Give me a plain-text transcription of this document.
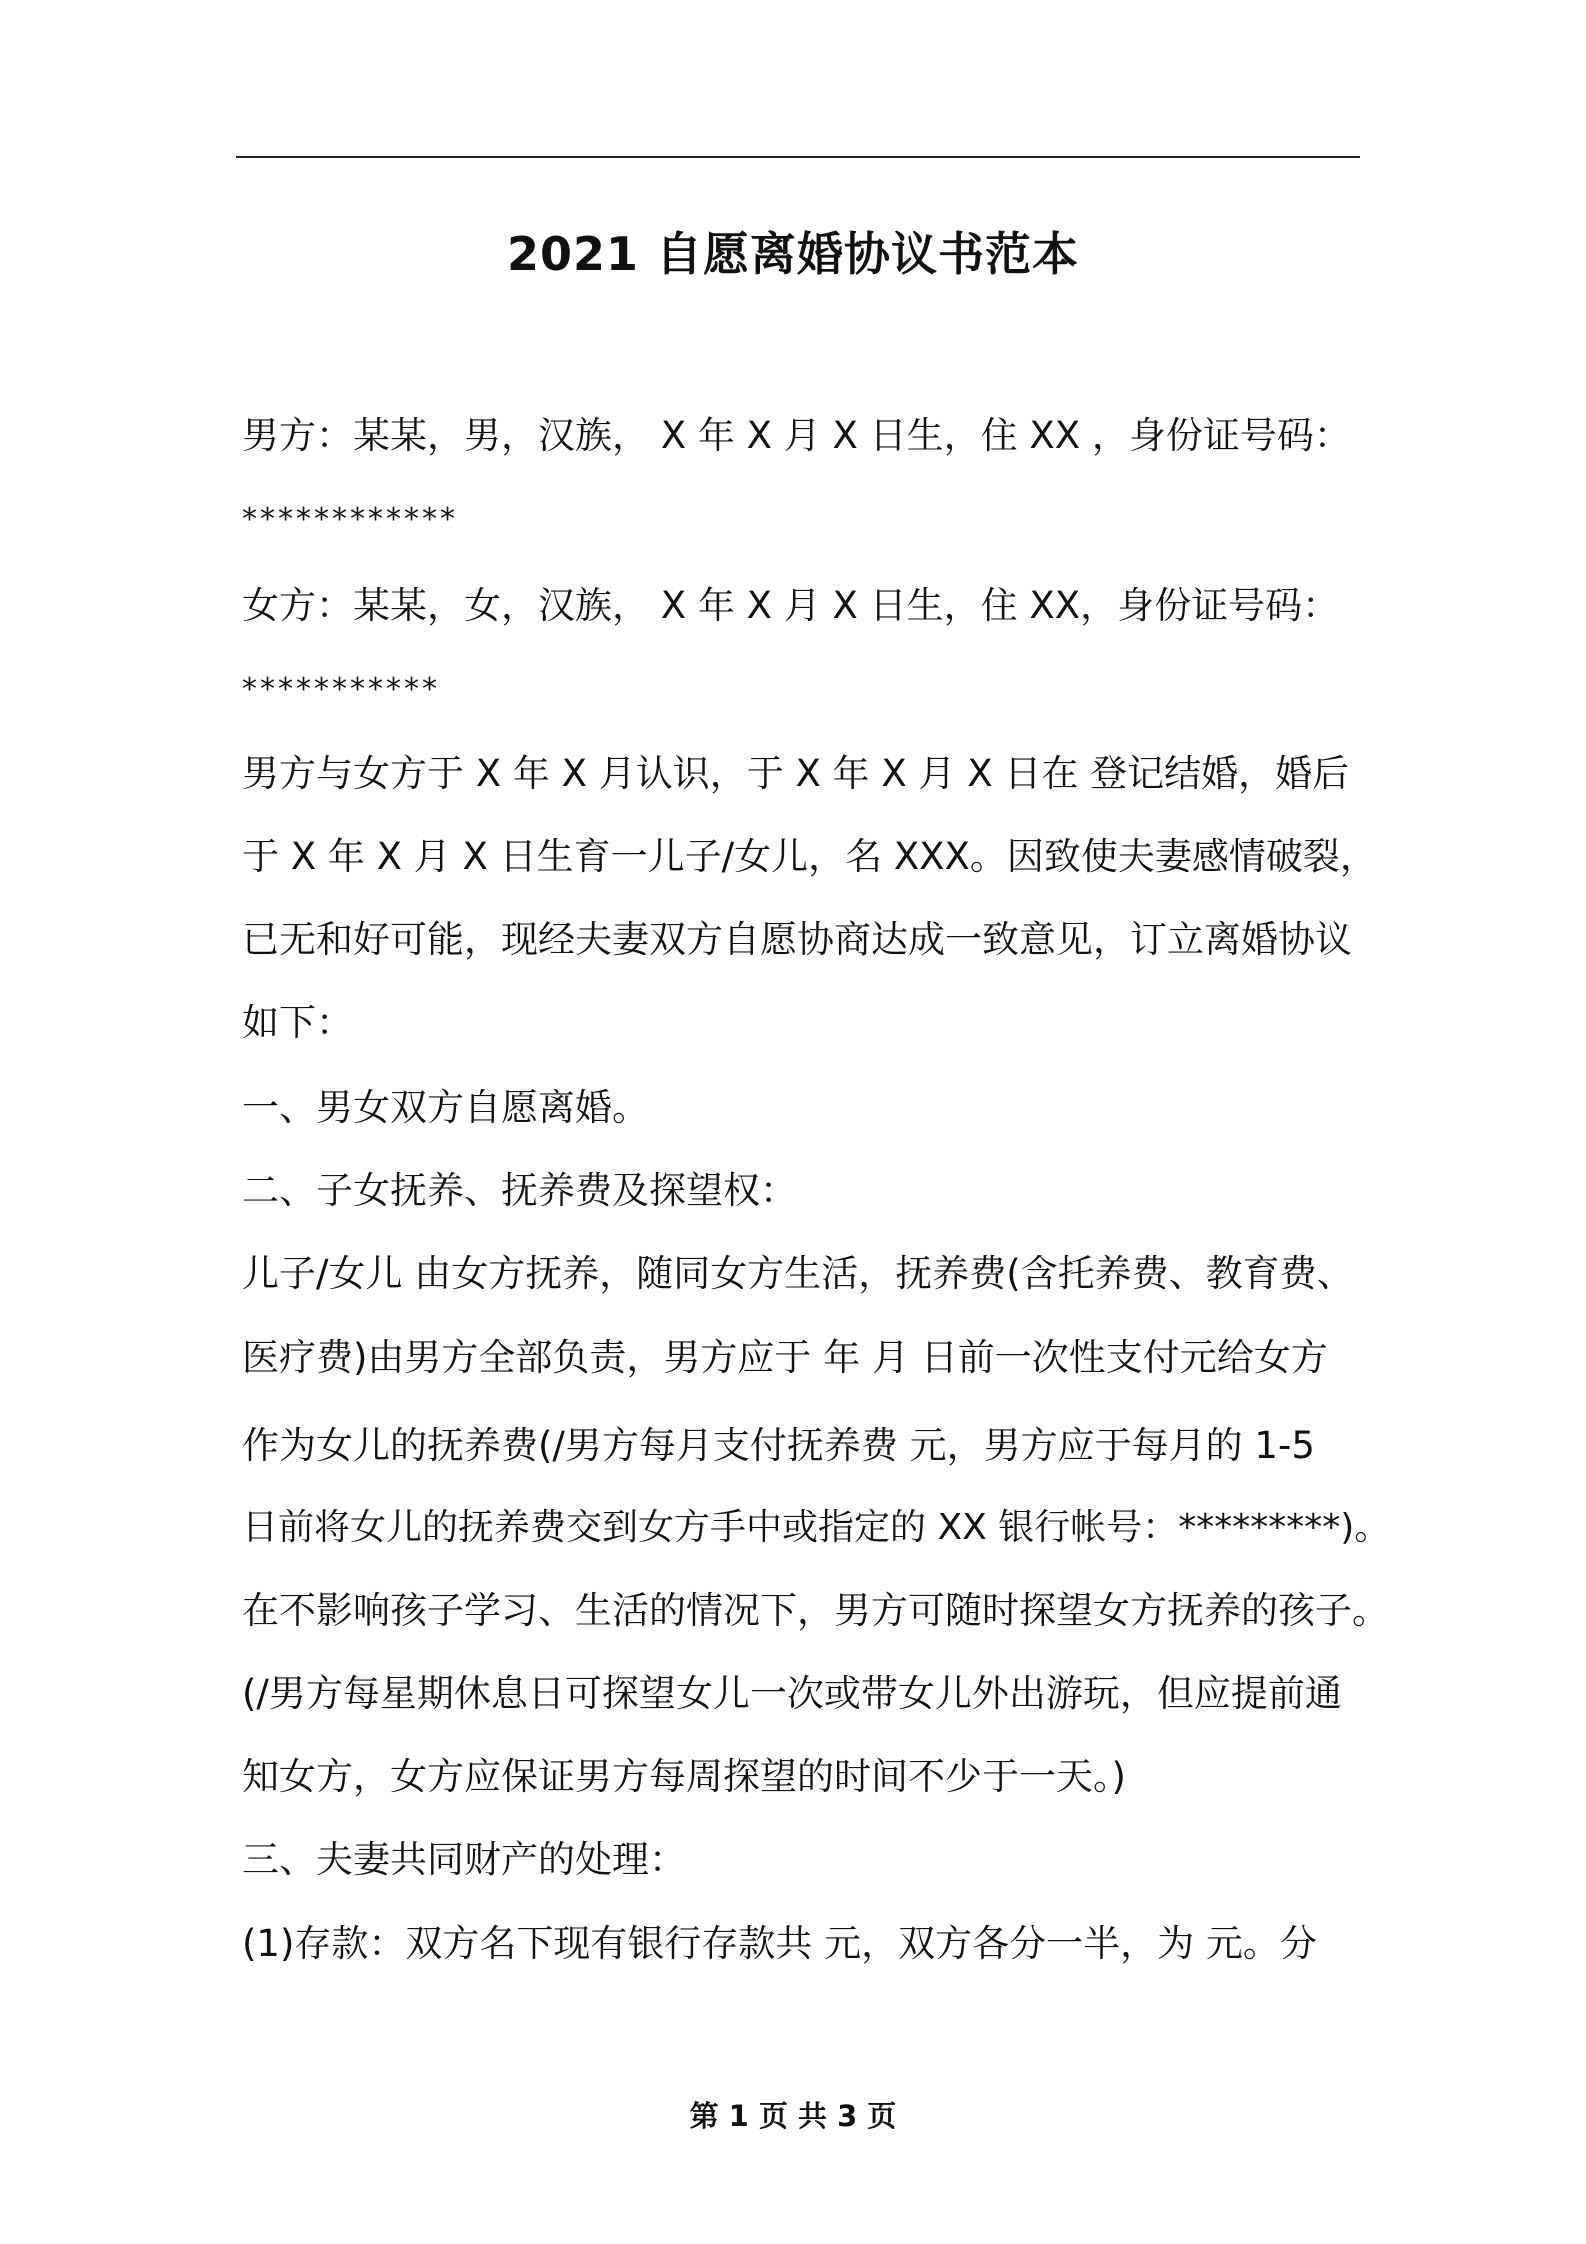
2021 自愿离婚协议书范本
男方：某某，男，汉族， X 年 X 月 X 日生，住 XX ，身份证号码：
************
女方：某某，女，汉族， X 年 X 月 X 日生，住 XX，身份证号码：
***********
男方与女方于 X 年 X 月认识，于 X 年 X 月 X 日在 登记结婚，婚后
于 X 年 X 月 X 日生育一儿子/女儿，名 XXX。因致使夫妻感情破裂，
已无和好可能，现经夫妻双方自愿协商达成一致意见，订立离婚协议
如下：
一、男女双方自愿离婚。
二、子女抚养、抚养费及探望权：
儿子/女儿 由女方抚养，随同女方生活，抚养费(含托养费、教育费、
医疗费)由男方全部负责，男方应于 年 月 日前一次性支付元给女方
作为女儿的抚养费(/男方每月支付抚养费 元，男方应于每月的 1-5
日前将女儿的抚养费交到女方手中或指定的 XX 银行帐号：*********)。
在不影响孩子学习、生活的情况下，男方可随时探望女方抚养的孩子。
(/男方每星期休息日可探望女儿一次或带女儿外出游玩，但应提前通
知女方，女方应保证男方每周探望的时间不少于一天。)
三、夫妻共同财产的处理：
(1)存款：双方名下现有银行存款共 元，双方各分一半，为 元。分
第 1 页 共 3 页
